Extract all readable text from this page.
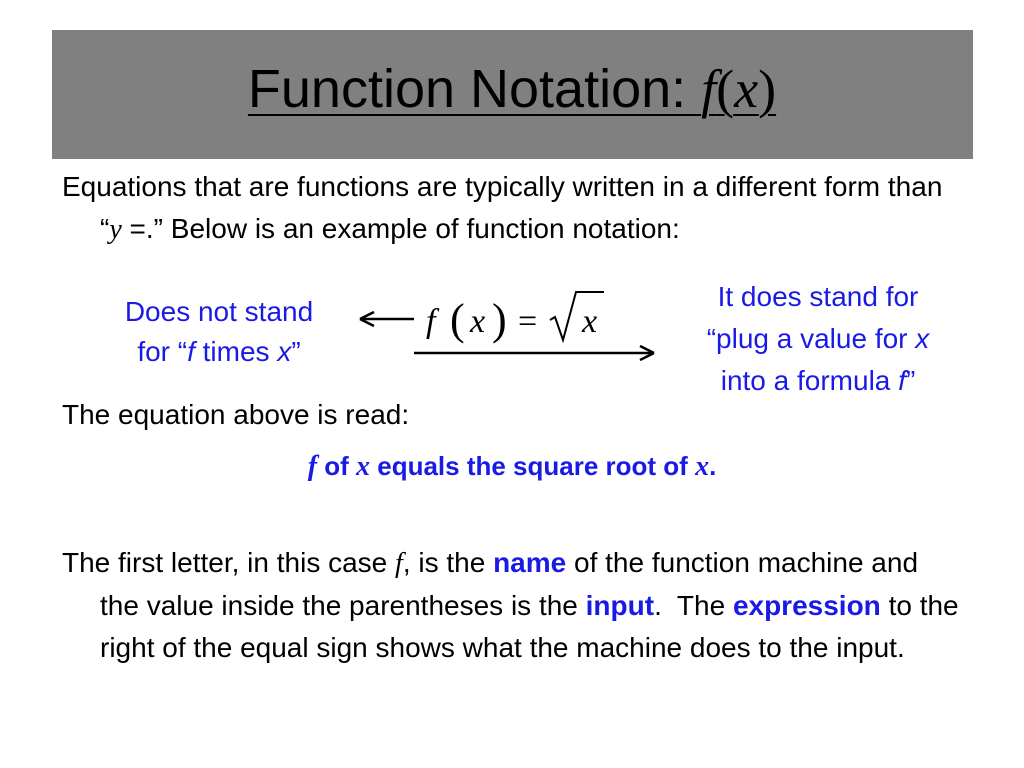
Function Notation: f(x)

Equations that are functions are typically written in a different form than “y =.” Below is an example of function notation:

Does not stand
for “f times x”
f ( x ) = x
It does stand for
“plug a value for x
into a formula f”

The equation above is read:

f of x equals the square root of x.

The first letter, in this case f, is the name of the function machine and the value inside the parentheses is the input.  The expression to the right of the equal sign shows what the machine does to the input.
